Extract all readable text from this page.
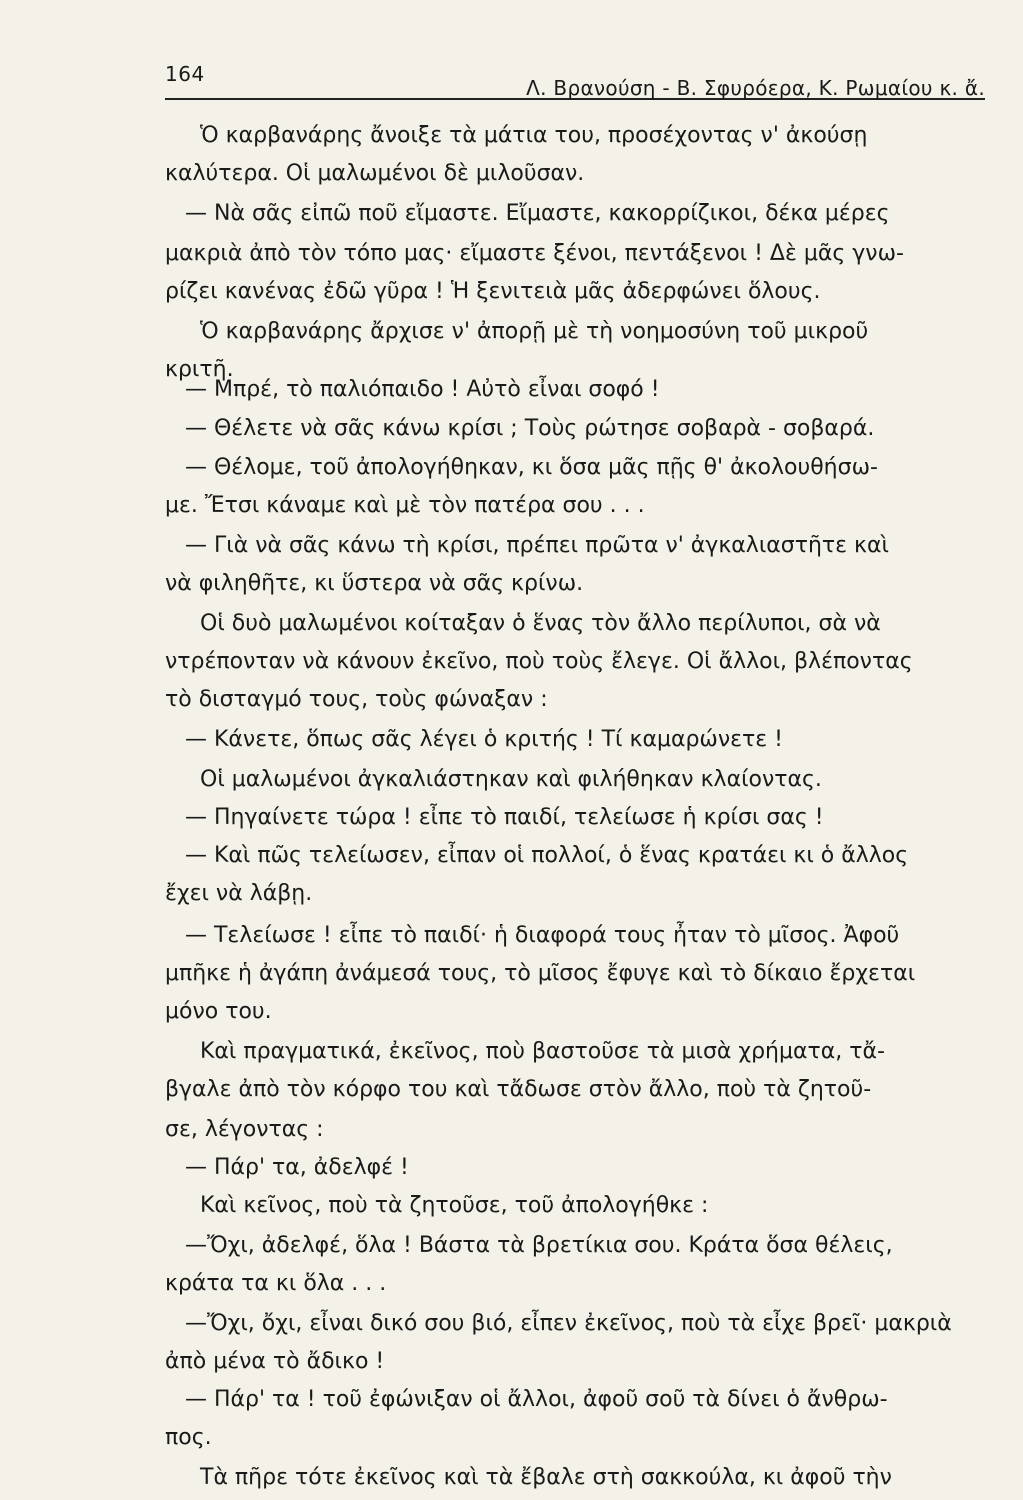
164
Λ. Βρανούση - Β. Σφυρόερα, Κ. Ρωμαίου κ. ἄ.
Ὁ καρβανάρης ἄνοιξε τὰ μάτια του, προσέχοντας ν' ἀκούσῃ
καλύτερα. Οἱ μαλωμένοι δὲ μιλοῦσαν.
— Νὰ σᾶς εἰπῶ ποῦ εἴμαστε. Εἴμαστε, κακορρίζικοι, δέκα μέρες
μακριὰ ἀπὸ τὸν τόπο μας· εἴμαστε ξένοι, πεντάξενοι ! Δὲ μᾶς γνω-
ρίζει κανένας ἐδῶ γῦρα ! Ἡ ξενιτειὰ μᾶς ἀδερφώνει ὅλους.
Ὁ καρβανάρης ἄρχισε ν' ἀπορῇ μὲ τὴ νοημοσύνη τοῦ μικροῦ
κριτῆ.
— Μπρέ, τὸ παλιόπαιδο ! Αὐτὸ εἶναι σοφό !
— Θέλετε νὰ σᾶς κάνω κρίσι ; Τοὺς ρώτησε σοβαρὰ - σοβαρά.
— Θέλομε, τοῦ ἀπολογήθηκαν, κι ὅσα μᾶς πῇς θ' ἀκολουθήσω-
με. Ἔτσι κάναμε καὶ μὲ τὸν πατέρα σου . . .
— Γιὰ νὰ σᾶς κάνω τὴ κρίσι, πρέπει πρῶτα ν' ἀγκαλιαστῆτε καὶ
νὰ φιληθῆτε, κι ὕστερα νὰ σᾶς κρίνω.
Οἱ δυὸ μαλωμένοι κοίταξαν ὁ ἕνας τὸν ἄλλο περίλυποι, σὰ νὰ
ντρέπονταν νὰ κάνουν ἐκεῖνο, ποὺ τοὺς ἔλεγε. Οἱ ἄλλοι, βλέποντας
τὸ δισταγμό τους, τοὺς φώναξαν :
— Κάνετε, ὅπως σᾶς λέγει ὁ κριτής ! Τί καμαρώνετε !
Οἱ μαλωμένοι ἀγκαλιάστηκαν καὶ φιλήθηκαν κλαίοντας.
— Πηγαίνετε τώρα ! εἶπε τὸ παιδί, τελείωσε ἡ κρίσι σας !
— Καὶ πῶς τελείωσεν, εἶπαν οἱ πολλοί, ὁ ἕνας κρατάει κι ὁ ἄλλος
ἔχει νὰ λάβῃ.
— Τελείωσε ! εἶπε τὸ παιδί· ἡ διαφορά τους ἦταν τὸ μῖσος. Ἀφοῦ
μπῆκε ἡ ἀγάπη ἀνάμεσά τους, τὸ μῖσος ἔφυγε καὶ τὸ δίκαιο ἔρχεται
μόνο του.
Καὶ πραγματικά, ἐκεῖνος, ποὺ βαστοῦσε τὰ μισὰ χρήματα, τἄ-
βγαλε ἀπὸ τὸν κόρφο του καὶ τἄδωσε στὸν ἄλλο, ποὺ τὰ ζητοῦ-
σε, λέγοντας :
— Πάρ' τα, ἀδελφέ !
Καὶ κεῖνος, ποὺ τὰ ζητοῦσε, τοῦ ἀπολογήθκε :
—Ὄχι, ἀδελφέ, ὅλα ! Βάστα τὰ βρετίκια σου. Κράτα ὅσα θέλεις,
κράτα τα κι ὅλα . . .
—Ὄχι, ὄχι, εἶναι δικό σου βιό, εἶπεν ἐκεῖνος, ποὺ τὰ εἶχε βρεῖ· μακριὰ
ἀπὸ μένα τὸ ἄδικο !
— Πάρ' τα ! τοῦ ἐφώνιξαν οἱ ἄλλοι, ἀφοῦ σοῦ τὰ δίνει ὁ ἄνθρω-
πος.
Τὰ πῆρε τότε ἐκεῖνος καὶ τὰ ἔβαλε στὴ σακκούλα, κι ἀφοῦ τὴν
